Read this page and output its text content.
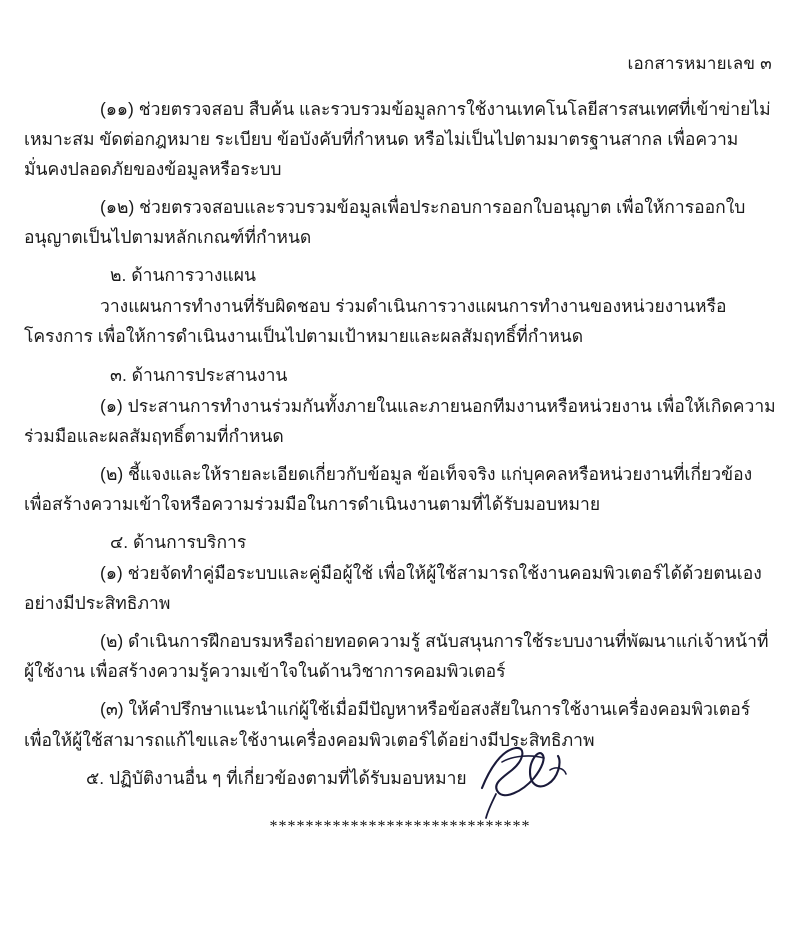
เอกสารหมายเลข ๓

(๑๑) ช่วยตรวจสอบ สืบค้น และรวบรวมข้อมูลการใช้งานเทคโนโลยีสารสนเทศที่เข้าข่ายไม่เหมาะสม ขัดต่อกฎหมาย ระเบียบ ข้อบังคับที่กำหนด หรือไม่เป็นไปตามมาตรฐานสากล เพื่อความมั่นคงปลอดภัยของข้อมูลหรือระบบ

(๑๒) ช่วยตรวจสอบและรวบรวมข้อมูลเพื่อประกอบการออกใบอนุญาต เพื่อให้การออกใบอนุญาตเป็นไปตามหลักเกณฑ์ที่กำหนด

๒. ด้านการวางแผน

วางแผนการทำงานที่รับผิดชอบ ร่วมดำเนินการวางแผนการทำงานของหน่วยงานหรือโครงการ เพื่อให้การดำเนินงานเป็นไปตามเป้าหมายและผลสัมฤทธิ์ที่กำหนด

๓. ด้านการประสานงาน

(๑) ประสานการทำงานร่วมกันทั้งภายในและภายนอกทีมงานหรือหน่วยงาน เพื่อให้เกิดความร่วมมือและผลสัมฤทธิ์ตามที่กำหนด

(๒) ชี้แจงและให้รายละเอียดเกี่ยวกับข้อมูล ข้อเท็จจริง แก่บุคคลหรือหน่วยงานที่เกี่ยวข้องเพื่อสร้างความเข้าใจหรือความร่วมมือในการดำเนินงานตามที่ได้รับมอบหมาย

๔. ด้านการบริการ

(๑) ช่วยจัดทำคู่มือระบบและคู่มือผู้ใช้ เพื่อให้ผู้ใช้สามารถใช้งานคอมพิวเตอร์ได้ด้วยตนเองอย่างมีประสิทธิภาพ

(๒) ดำเนินการฝึกอบรมหรือถ่ายทอดความรู้ สนับสนุนการใช้ระบบงานที่พัฒนาแก่เจ้าหน้าที่ผู้ใช้งาน เพื่อสร้างความรู้ความเข้าใจในด้านวิชาการคอมพิวเตอร์

(๓) ให้คำปรึกษาแนะนำแก่ผู้ใช้เมื่อมีปัญหาหรือข้อสงสัยในการใช้งานเครื่องคอมพิวเตอร์ เพื่อให้ผู้ใช้สามารถแก้ไขและใช้งานเครื่องคอมพิวเตอร์ได้อย่างมีประสิทธิภาพ

๕. ปฏิบัติงานอื่น ๆ ที่เกี่ยวข้องตามที่ได้รับมอบหมาย

*****************************
